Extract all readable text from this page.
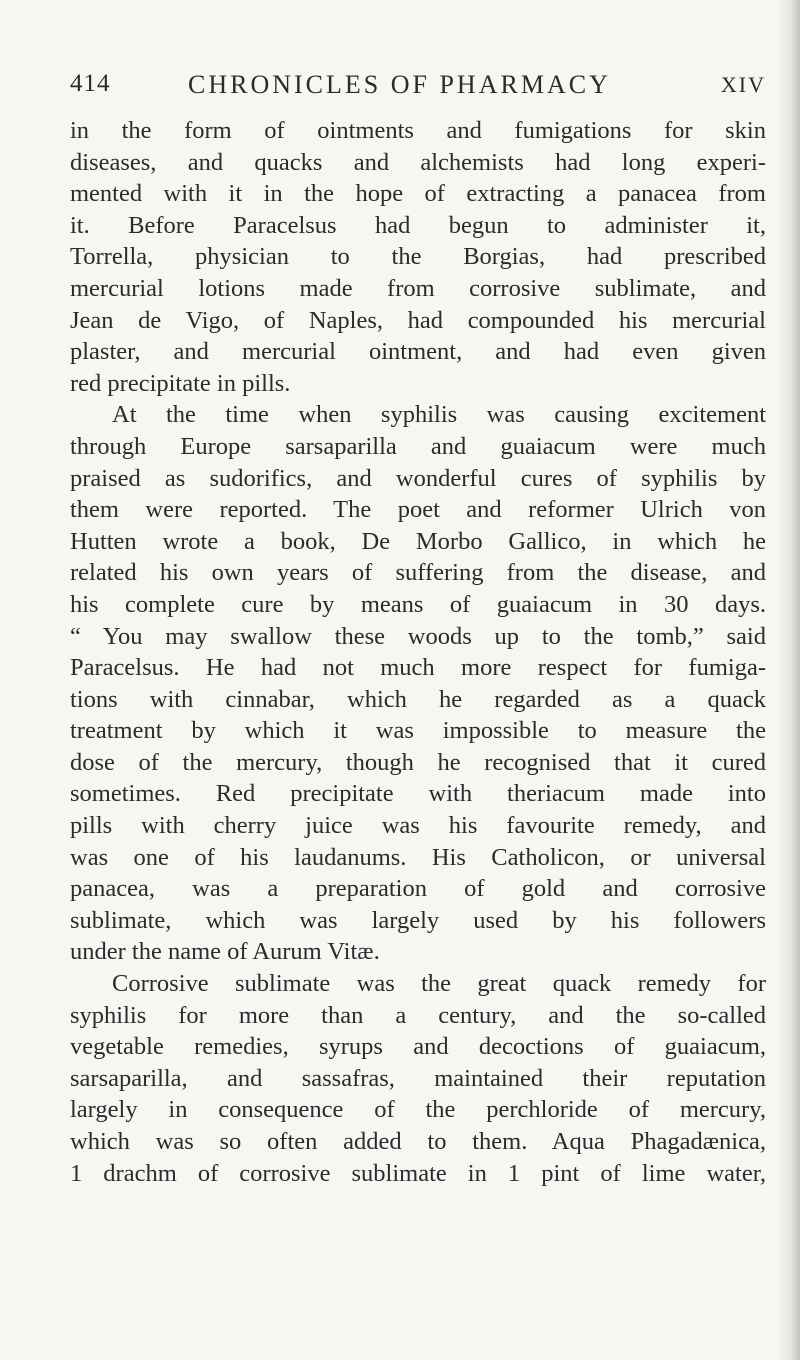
414	CHRONICLES OF PHARMACY	XIV
in the form of ointments and fumigations for skin
diseases, and quacks and alchemists had long experi-
mented with it in the hope of extracting a panacea from
it. Before Paracelsus had begun to administer it,
Torrella, physician to the Borgias, had prescribed
mercurial lotions made from corrosive sublimate, and
Jean de Vigo, of Naples, had compounded his mercurial
plaster, and mercurial ointment, and had even given
red precipitate in pills.
At the time when syphilis was causing excitement
through Europe sarsaparilla and guaiacum were much
praised as sudorifics, and wonderful cures of syphilis by
them were reported. The poet and reformer Ulrich von
Hutten wrote a book, De Morbo Gallico, in which he
related his own years of suffering from the disease, and
his complete cure by means of guaiacum in 30 days.
“ You may swallow these woods up to the tomb,” said
Paracelsus. He had not much more respect for fumiga-
tions with cinnabar, which he regarded as a quack
treatment by which it was impossible to measure the
dose of the mercury, though he recognised that it cured
sometimes. Red precipitate with theriacum made into
pills with cherry juice was his favourite remedy, and
was one of his laudanums. His Catholicon, or universal
panacea, was a preparation of gold and corrosive
sublimate, which was largely used by his followers
under the name of Aurum Vitæ.
Corrosive sublimate was the great quack remedy for
syphilis for more than a century, and the so-called
vegetable remedies, syrups and decoctions of guaiacum,
sarsaparilla, and sassafras, maintained their reputation
largely in consequence of the perchloride of mercury,
which was so often added to them. Aqua Phagadænica,
1 drachm of corrosive sublimate in 1 pint of lime water,
